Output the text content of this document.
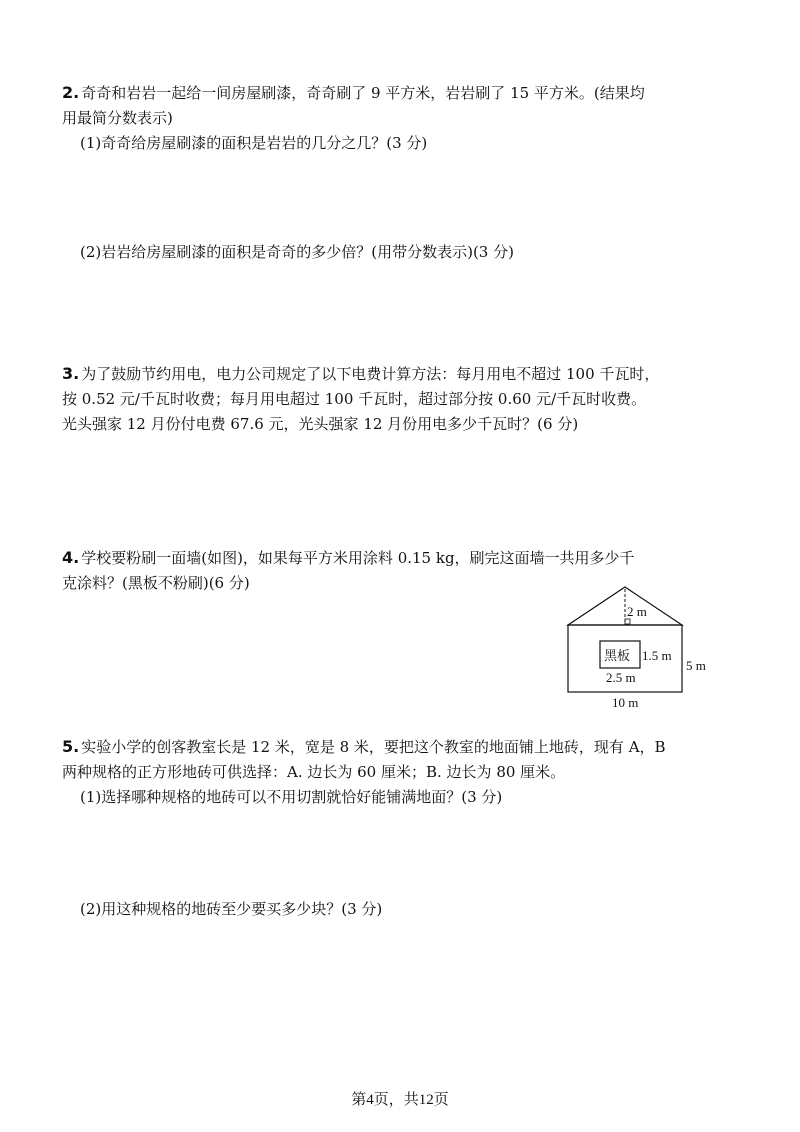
2. 奇奇和岩岩一起给一间房屋刷漆，奇奇刷了 9 平方米，岩岩刷了 15 平方米。(结果均
用最简分数表示)
(1)奇奇给房屋刷漆的面积是岩岩的几分之几？(3 分)
(2)岩岩给房屋刷漆的面积是奇奇的多少倍？(用带分数表示)(3 分)
3. 为了鼓励节约用电，电力公司规定了以下电费计算方法：每月用电不超过 100 千瓦时，
按 0.52 元/千瓦时收费；每月用电超过 100 千瓦时，超过部分按 0.60 元/千瓦时收费。
光头强家 12 月份付电费 67.6 元，光头强家 12 月份用电多少千瓦时？(6 分)
4. 学校要粉刷一面墙(如图)，如果每平方米用涂料 0.15 kg，刷完这面墙一共用多少千
克涂料？(黑板不粉刷)(6 分)
2 m
黑板 1.5 m
2.5 m
5 m
10 m
5. 实验小学的创客教室长是 12 米，宽是 8 米，要把这个教室的地面铺上地砖，现有 A，B
两种规格的正方形地砖可供选择：A. 边长为 60 厘米；B. 边长为 80 厘米。
(1)选择哪种规格的地砖可以不用切割就恰好能铺满地面？(3 分)
(2)用这种规格的地砖至少要买多少块？(3 分)
第4页，共12页
